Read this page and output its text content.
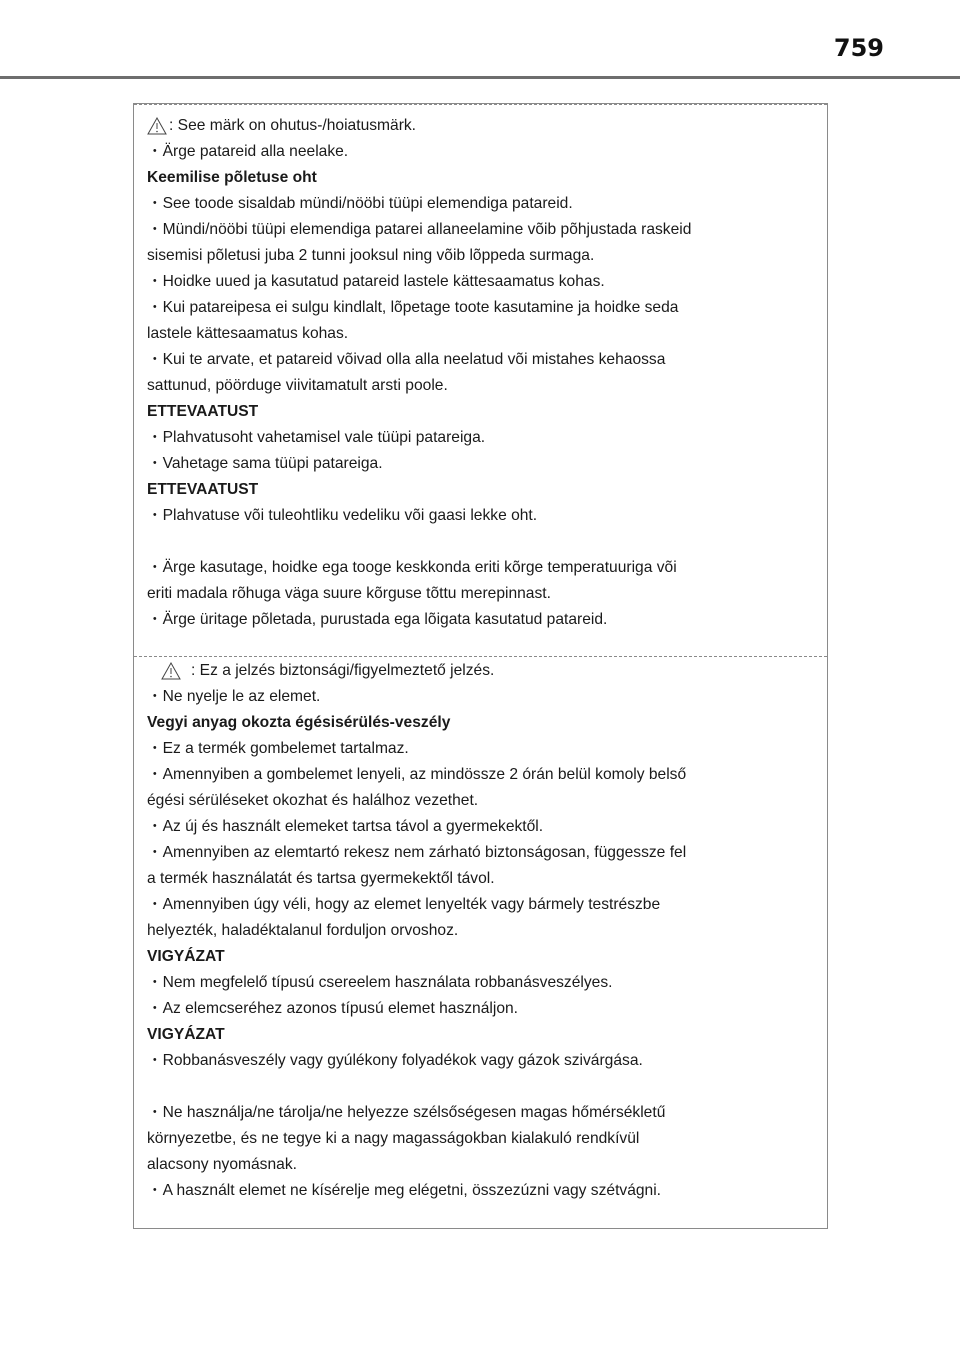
759
: See märk on ohutus-/hoiatusmärk.
・ Ärge patareid alla neelake.
Keemilise põletuse oht
・ See toode sisaldab mündi/nööbi tüüpi elemendiga patareid.
・ Mündi/nööbi tüüpi elemendiga patarei allaneelamine võib põhjustada raskeid
sisemisi põletusi juba 2 tunni jooksul ning võib lõppeda surmaga.
・ Hoidke uued ja kasutatud patareid lastele kättesaamatus kohas.
・ Kui patareipesa ei sulgu kindlalt, lõpetage toote kasutamine ja hoidke seda
lastele kättesaamatus kohas.
・ Kui te arvate, et patareid võivad olla alla neelatud või mistahes kehaossa
sattunud, pöörduge viivitamatult arsti poole.
ETTEVAATUST
・ Plahvatusoht vahetamisel vale tüüpi patareiga.
・ Vahetage sama tüüpi patareiga.
ETTEVAATUST
・ Plahvatuse või tuleohtliku vedeliku või gaasi lekke oht.
・ Ärge kasutage, hoidke ega tooge keskkonda eriti kõrge temperatuuriga või
eriti madala rõhuga väga suure kõrguse tõttu merepinnast.
・ Ärge üritage põletada, purustada ega lõigata kasutatud patareid.
: Ez a jelzés biztonsági/figyelmeztető jelzés.
・ Ne nyelje le az elemet.
Vegyi anyag okozta égésisérülés-veszély
・ Ez a termék gombelemet tartalmaz.
・ Amennyiben a gombelemet lenyeli, az mindössze 2 órán belül komoly belső
égési sérüléseket okozhat és halálhoz vezethet.
・ Az új és használt elemeket tartsa távol a gyermekektől.
・ Amennyiben az elemtartó rekesz nem zárható biztonságosan, függessze fel
a termék használatát és tartsa gyermekektől távol.
・ Amennyiben úgy véli, hogy az elemet lenyelték vagy bármely testrészbe
helyezték, haladéktalanul forduljon orvoshoz.
VIGYÁZAT
・ Nem megfelelő típusú csereelem használata robbanásveszélyes.
・ Az elemcseréhez azonos típusú elemet használjon.
VIGYÁZAT
・ Robbanásveszély vagy gyúlékony folyadékok vagy gázok szivárgása.
・ Ne használja/ne tárolja/ne helyezze szélsőségesen magas hőmérsékletű
környezetbe, és ne tegye ki a nagy magasságokban kialakuló rendkívül
alacsony nyomásnak.
・ A használt elemet ne kísérelje meg elégetni, összezúzni vagy szétvágni.
